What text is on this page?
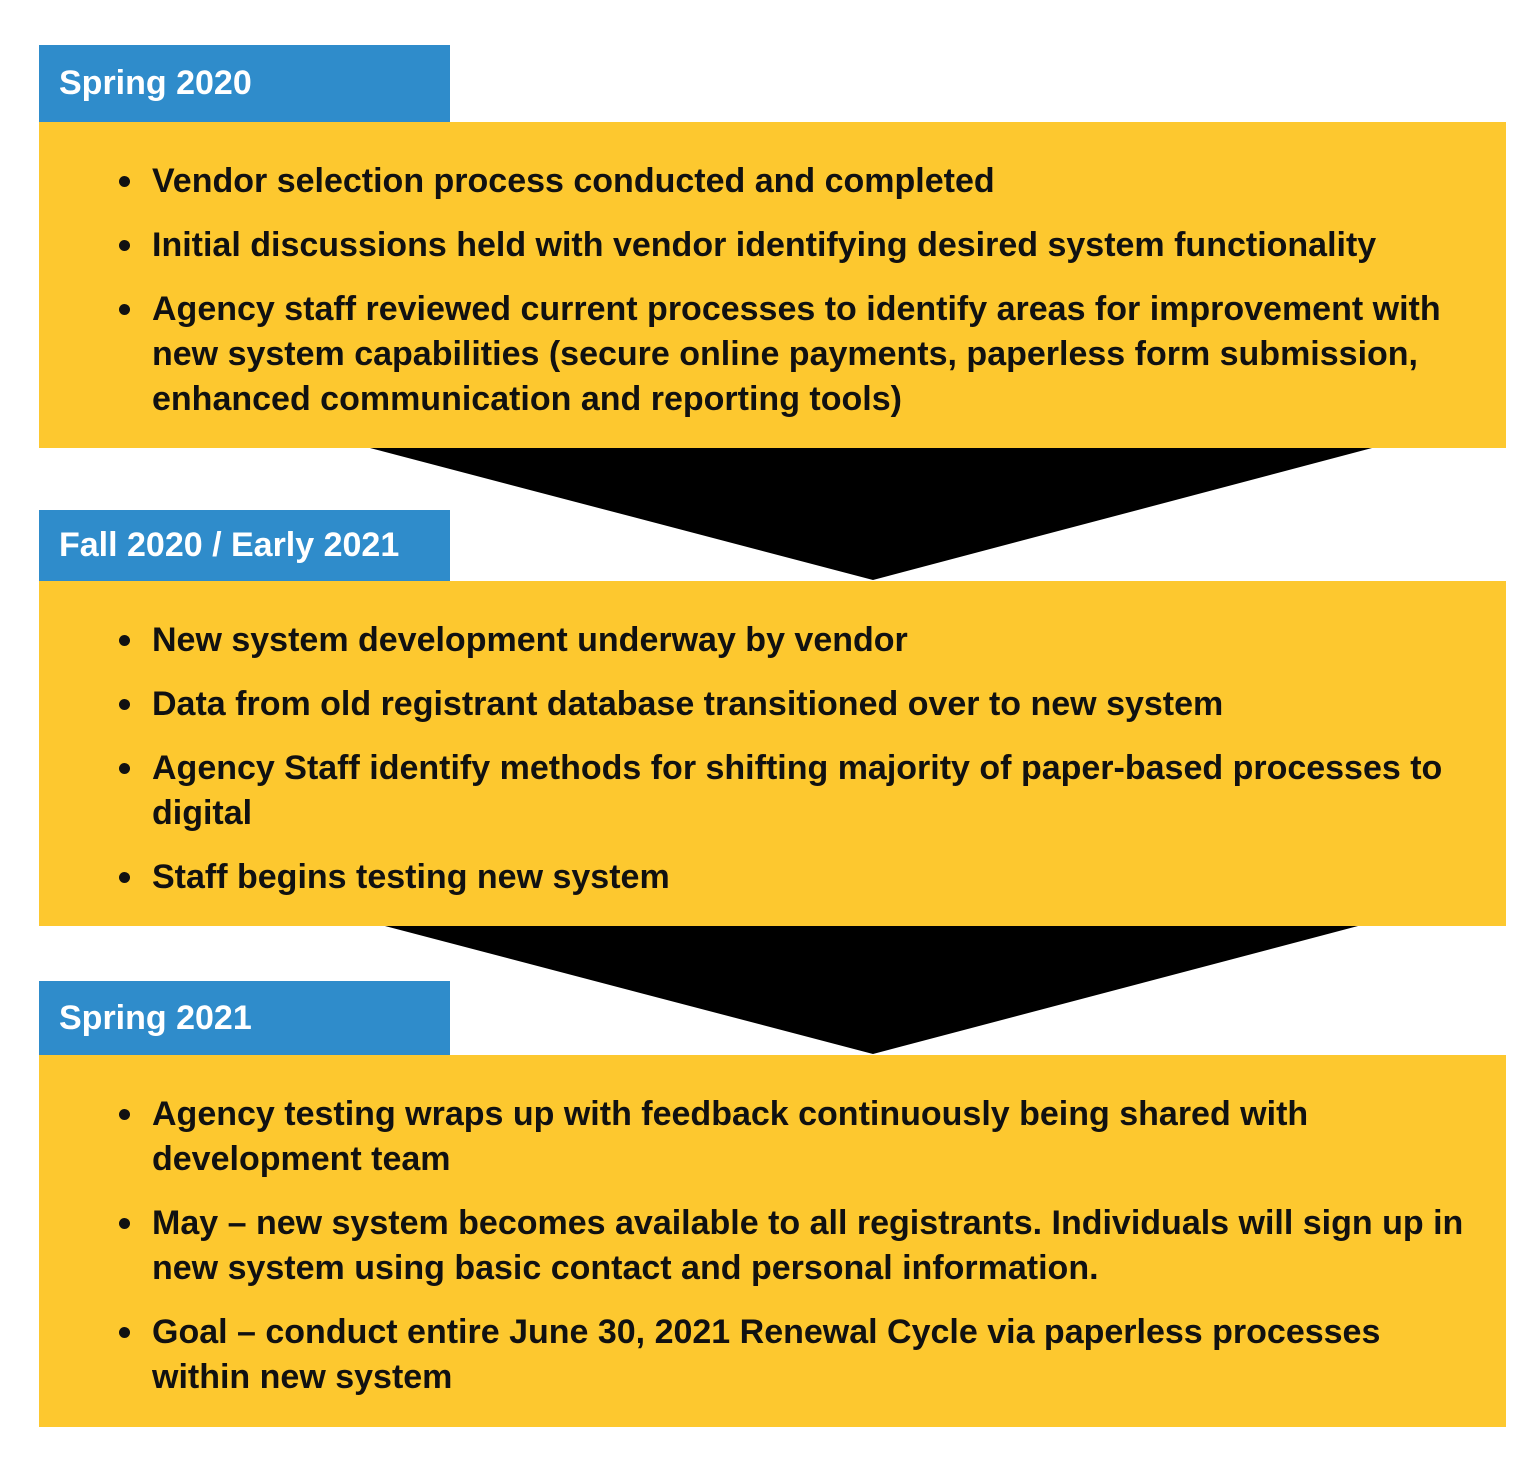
Spring 2020
Vendor selection process conducted and completed
Initial discussions held with vendor identifying desired system functionality
Agency staff reviewed current processes to identify areas for improvement with new system capabilities (secure online payments, paperless form submission, enhanced communication and reporting tools)
Fall 2020 / Early 2021
New system development underway by vendor
Data from old registrant database transitioned over to new system
Agency Staff identify methods for shifting majority of paper-based processes to digital
Staff begins testing new system
Spring 2021
Agency testing wraps up with feedback continuously being shared with development team
May – new system becomes available to all registrants. Individuals will sign up in new system using basic contact and personal information.
Goal – conduct entire June 30, 2021 Renewal Cycle via paperless processes within new system
